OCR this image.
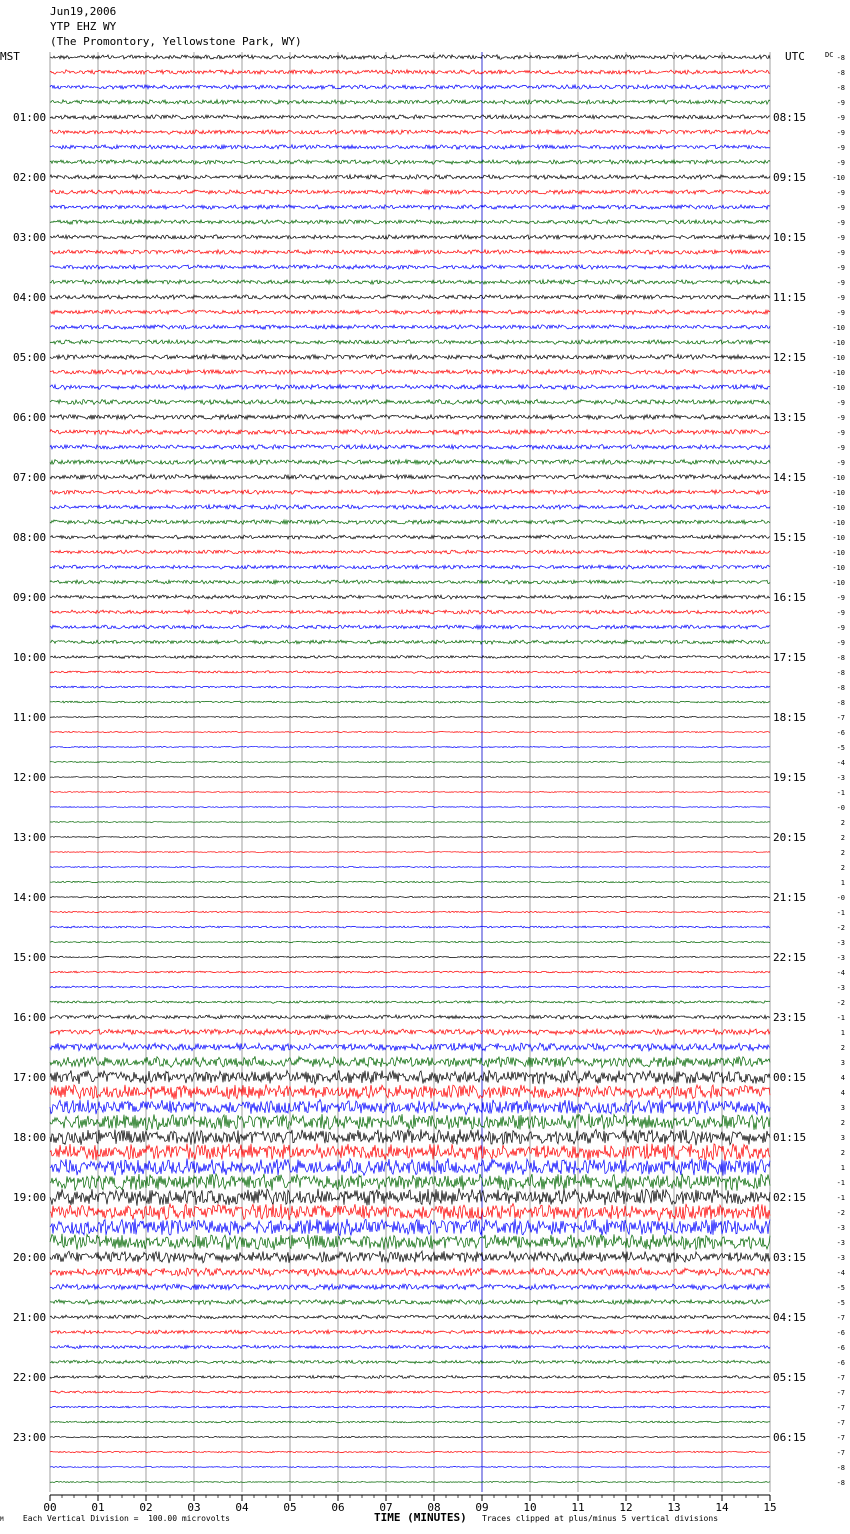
Jun19,2006
YTP EHZ WY
(The Promontory, Yellowstone Park, WY)
MST	UTC	DC
01:00
02:00
03:00
04:00
05:00
06:00
07:00
08:00
09:00
10:00
11:00
12:00
13:00
14:00
15:00
16:00
17:00
18:00
19:00
20:00
21:00
22:00
23:00
08:15
09:15
10:15
11:15
12:15
13:15
14:15
15:15
16:15
17:15
18:15
19:15
20:15
21:15
22:15
23:15
00:15
01:15
02:15
03:15
04:15
05:15
06:15
-8
-8
-8
-9
-9
-9
-9
-9
-10
-9
-9
-9
-9
-9
-9
-9
-9
-9
-10
-10
-10
-10
-10
-9
-9
-9
-9
-9
-10
-10
-10
-10
-10
-10
-10
-10
-9
-9
-9
-9
-8
-8
-8
-8
-7
-6
-5
-4
-3
-1
-0
2
2
2
2
1
-0
-1
-2
-3
-3
-4
-3
-2
-1
1
2
3
4
4
3
2
3
2
1
-1
-1
-2
-3
-3
-3
-4
-5
-5
-7
-6
-6
-6
-7
-7
-7
-7
-7
-7
-8
-8
00	01	02	03	04	05	06	07	08	09	10	11	12	13	14	15
M Each Vertical Division =  100.00 microvolts	TIME (MINUTES) Traces clipped at plus/minus 5 vertical divisions
